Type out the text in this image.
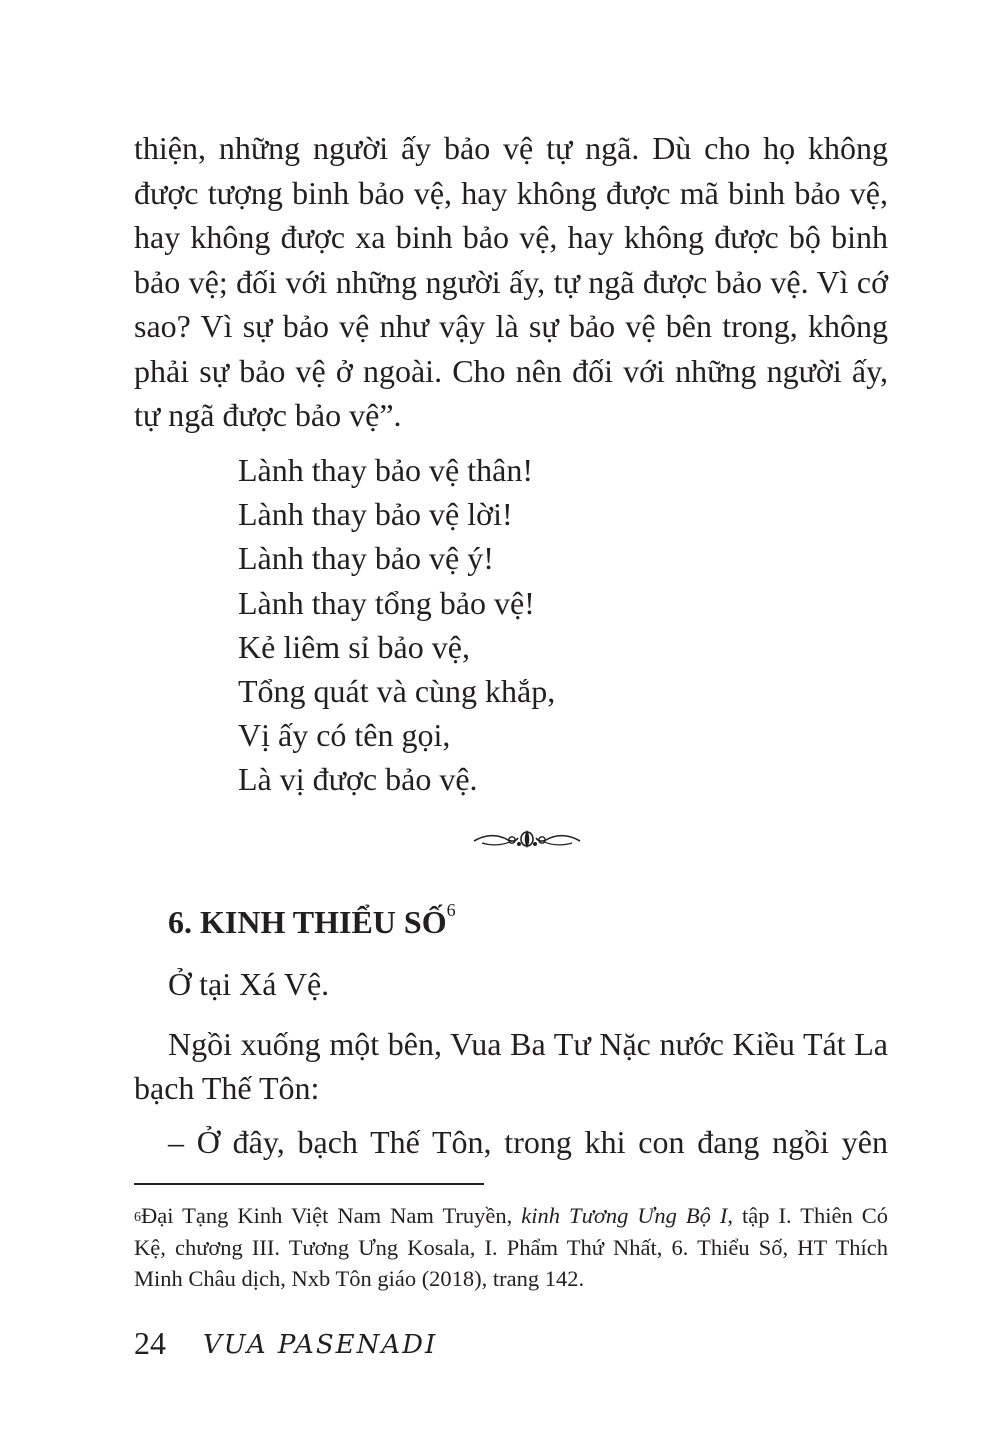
thiện, những người ấy bảo vệ tự ngã. Dù cho họ không
được tượng binh bảo vệ, hay không được mã binh bảo vệ,
hay không được xa binh bảo vệ, hay không được bộ binh
bảo vệ; đối với những người ấy, tự ngã được bảo vệ. Vì cớ
sao? Vì sự bảo vệ như vậy là sự bảo vệ bên trong, không
phải sự bảo vệ ở ngoài. Cho nên đối với những người ấy,
tự ngã được bảo vệ”.
Lành thay bảo vệ thân!
Lành thay bảo vệ lời!
Lành thay bảo vệ ý!
Lành thay tổng bảo vệ!
Kẻ liêm sỉ bảo vệ,
Tổng quát và cùng khắp,
Vị ấy có tên gọi,
Là vị được bảo vệ.
6. KINH THIỂU SỐ$^6$

Ở tại Xá Vệ.

Ngồi xuống một bên, Vua Ba Tư Nặc nước Kiều Tát La
bạch Thế Tôn:

– Ở đây, bạch Thế Tôn, trong khi con đang ngồi yên

$^6$Đại Tạng Kinh Việt Nam Nam Truyền, kinh Tương Ưng Bộ I, tập I. Thiên Có
Kệ, chương III. Tương Ưng Kosala, I. Phẩm Thứ Nhất, 6. Thiểu Số, HT Thích
Minh Châu dịch, Nxb Tôn giáo (2018), trang 142.

24 VUA PASENADI
